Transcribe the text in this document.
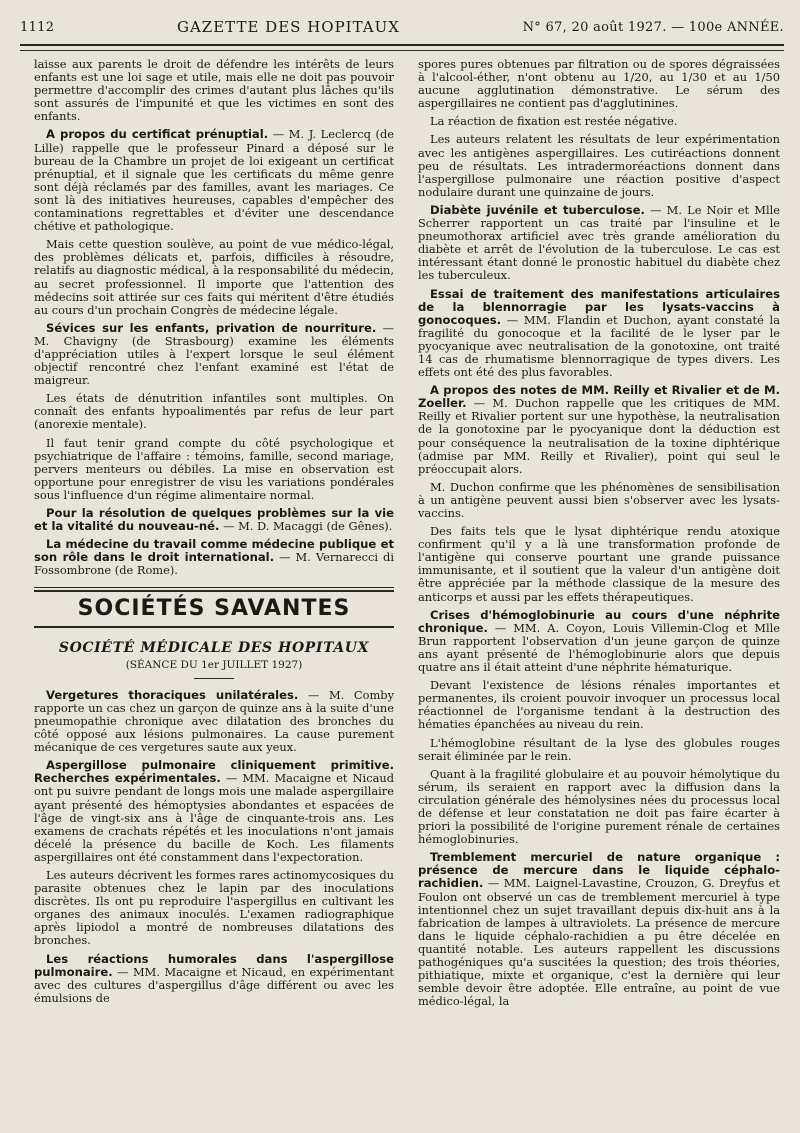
1112	GAZETTE DES HOPITAUX	N° 67, 20 août 1927. — 100e ANNÉE.

laisse aux parents le droit de défendre les intérêts de leurs enfants est une loi sage et utile, mais elle ne doit pas pouvoir permettre d'accomplir des crimes d'autant plus lâches qu'ils sont assurés de l'impunité et que les victimes en sont des enfants.

A propos du certificat prénuptial. — M. J. Leclercq (de Lille) rappelle que le professeur Pinard a déposé sur le bureau de la Chambre un projet de loi exigeant un certificat prénuptial, et il signale que les certificats du même genre sont déjà réclamés par des familles, avant les mariages. Ce sont là des initiatives heureuses, capables d'empêcher des contaminations regrettables et d'éviter une descendance chétive et pathologique.

Mais cette question soulève, au point de vue médico-légal, des problèmes délicats et, parfois, difficiles à résoudre, relatifs au diagnostic médical, à la responsabilité du médecin, au secret professionnel. Il importe que l'attention des médecins soit attirée sur ces faits qui méritent d'être étudiés au cours d'un prochain Congrès de médecine légale.

Sévices sur les enfants, privation de nourriture. — M. Chavigny (de Strasbourg) examine les éléments d'appréciation utiles à l'expert lorsque le seul élément objectif rencontré chez l'enfant examiné est l'état de maigreur.

Les états de dénutrition infantiles sont multiples. On connaît des enfants hypoalimentés par refus de leur part (anorexie mentale).

Il faut tenir grand compte du côté psychologique et psychiatrique de l'affaire : témoins, famille, second mariage, pervers menteurs ou débiles. La mise en observation est opportune pour enregistrer de visu les variations pondérales sous l'influence d'un régime alimentaire normal.

Pour la résolution de quelques problèmes sur la vie et la vitalité du nouveau-né. — M. D. Macaggi (de Gênes).

La médecine du travail comme médecine publique et son rôle dans le droit international. — M. Vernarecci di Fossombrone (de Rome).

SOCIÉTÉS SAVANTES
SOCIÉTÉ MÉDICALE DES HOPITAUX
(SÉANCE DU 1er JUILLET 1927)

Vergetures thoraciques unilatérales. — M. Comby rapporte un cas chez un garçon de quinze ans à la suite d'une pneumopathie chronique avec dilatation des bronches du côté opposé aux lésions pulmonaires. La cause purement mécanique de ces vergetures saute aux yeux.

Aspergillose pulmonaire cliniquement primitive. Recherches expérimentales. — MM. Macaigne et Nicaud ont pu suivre pendant de longs mois une malade aspergillaire ayant présenté des hémoptysies abondantes et espacées de l'âge de vingt-six ans à l'âge de cinquante-trois ans. Les examens de crachats répétés et les inoculations n'ont jamais décelé la présence du bacille de Koch. Les filaments aspergillaires ont été constamment dans l'expectoration.

Les auteurs décrivent les formes rares actinomycosiques du parasite obtenues chez le lapin par des inoculations discrètes. Ils ont pu reproduire l'aspergillus en cultivant les organes des animaux inoculés. L'examen radiographique après lipiodol a montré de nombreuses dilatations des bronches.

Les réactions humorales dans l'aspergillose pulmonaire. — MM. Macaigne et Nicaud, en expérimentant avec des cultures d'aspergillus d'âge différent ou avec les émulsions de

spores pures obtenues par filtration ou de spores dégraissées à l'alcool-éther, n'ont obtenu au 1/20, au 1/30 et au 1/50 aucune agglutination démonstrative. Le sérum des aspergillaires ne contient pas d'agglutinines.

La réaction de fixation est restée négative.

Les auteurs relatent les résultats de leur expérimentation avec les antigènes aspergillaires. Les cutiréactions donnent peu de résultats. Les intradermoréactions donnent dans l'aspergillose pulmonaire une réaction positive d'aspect nodulaire durant une quinzaine de jours.

Diabète juvénile et tuberculose. — M. Le Noir et Mlle Scherrer rapportent un cas traité par l'insuline et le pneumothorax artificiel avec très grande amélioration du diabète et arrêt de l'évolution de la tuberculose. Le cas est intéressant étant donné le pronostic habituel du diabète chez les tuberculeux.

Essai de traitement des manifestations articulaires de la blennorragie par les lysats-vaccins à gonocoques. — MM. Flandin et Duchon, ayant constaté la fragilité du gonocoque et la facilité de le lyser par le pyocyanique avec neutralisation de la gonotoxine, ont traité 14 cas de rhumatisme blennorragique de types divers. Les effets ont été des plus favorables.

A propos des notes de MM. Reilly et Rivalier et de M. Zoeller. — M. Duchon rappelle que les critiques de MM. Reilly et Rivalier portent sur une hypothèse, la neutralisation de la gonotoxine par le pyocyanique dont la déduction est pour conséquence la neutralisation de la toxine diphtérique (admise par MM. Reilly et Rivalier), point qui seul le préoccupait alors.

M. Duchon confirme que les phénomènes de sensibilisation à un antigène peuvent aussi bien s'observer avec les lysats-vaccins.

Des faits tels que le lysat diphtérique rendu atoxique confirment qu'il y a là une transformation profonde de l'antigène qui conserve pourtant une grande puissance immunisante, et il soutient que la valeur d'un antigène doit être appréciée par la méthode classique de la mesure des anticorps et aussi par les effets thérapeutiques.

Crises d'hémoglobinurie au cours d'une néphrite chronique. — MM. A. Coyon, Louis Villemin-Clog et Mlle Brun rapportent l'observation d'un jeune garçon de quinze ans ayant présenté de l'hémoglobinurie alors que depuis quatre ans il était atteint d'une néphrite hématurique.

Devant l'existence de lésions rénales importantes et permanentes, ils croient pouvoir invoquer un processus local réactionnel de l'organisme tendant à la destruction des hématies épanchées au niveau du rein.

L'hémoglobine résultant de la lyse des globules rouges serait éliminée par le rein.

Quant à la fragilité globulaire et au pouvoir hémolytique du sérum, ils seraient en rapport avec la diffusion dans la circulation générale des hémolysines nées du processus local de défense et leur constatation ne doit pas faire écarter à priori la possibilité de l'origine purement rénale de certaines hémoglobinuries.

Tremblement mercuriel de nature organique : présence de mercure dans le liquide céphalo-rachidien. — MM. Laignel-Lavastine, Crouzon, G. Dreyfus et Foulon ont observé un cas de tremblement mercuriel à type intentionnel chez un sujet travaillant depuis dix-huit ans à la fabrication de lampes à ultraviolets. La présence de mercure dans le liquide céphalo-rachidien a pu être décelée en quantité notable. Les auteurs rappellent les discussions pathogéniques qu'a suscitées la question; des trois théories, pithiatique, mixte et organique, c'est la dernière qui leur semble devoir être adoptée. Elle entraîne, au point de vue médico-légal, la
